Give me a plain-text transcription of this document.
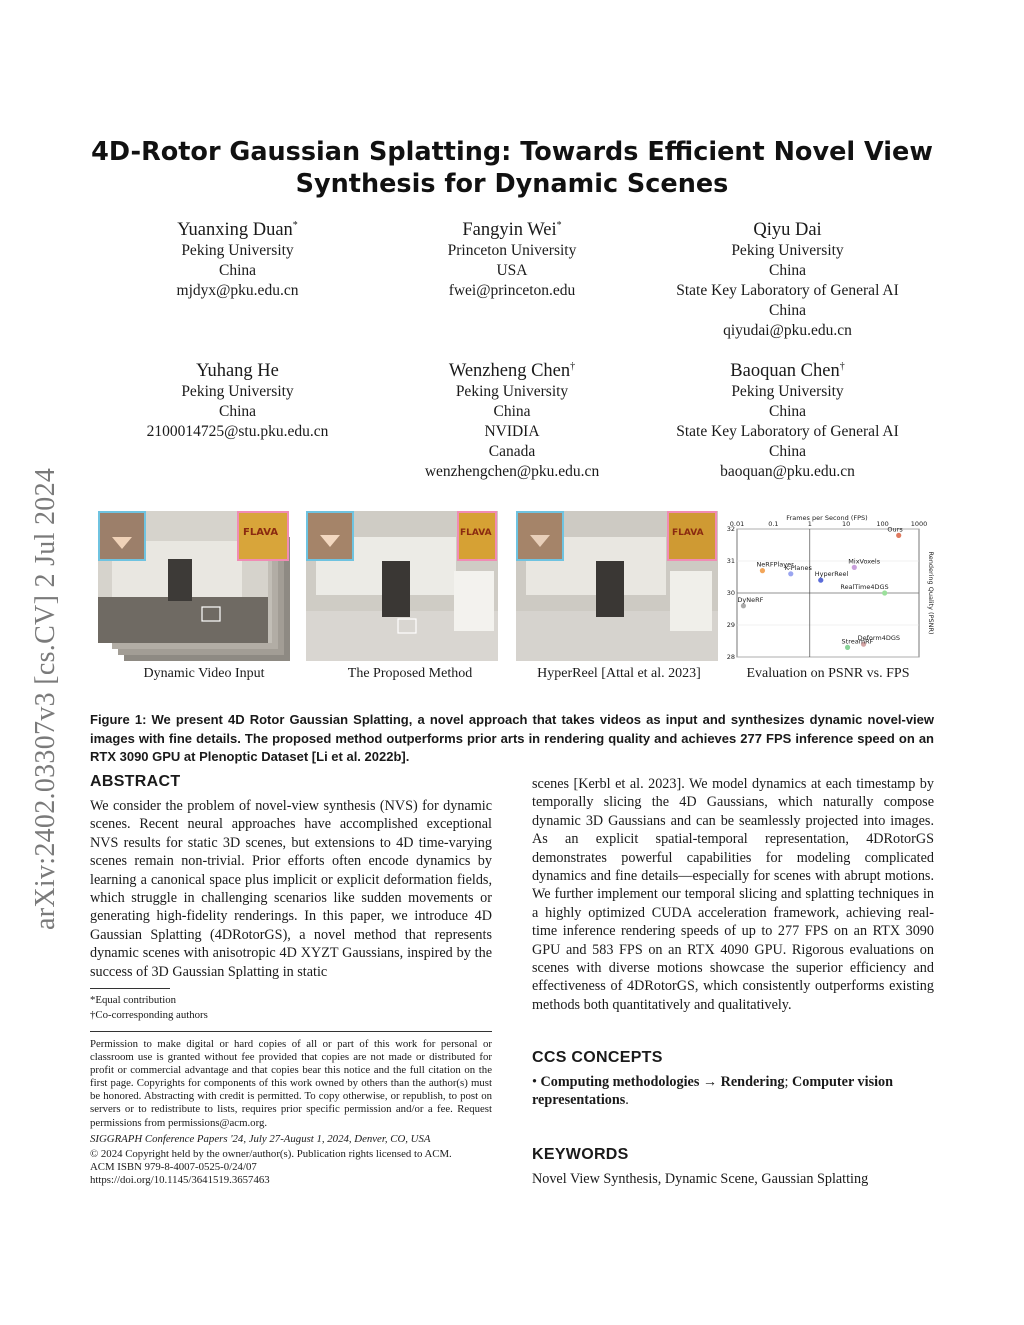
arXiv:2402.03307v3 [cs.CV] 2 Jul 2024
4D-Rotor Gaussian Splatting: Towards Efficient Novel View
Synthesis for Dynamic Scenes
Yuanxing Duan*
Peking University
China
mjdyx@pku.edu.cn
Fangyin Wei*
Princeton University
USA
fwei@princeton.edu
Qiyu Dai
Peking University
China
State Key Laboratory of General AI
China
qiyudai@pku.edu.cn
Yuhang He
Peking University
China
2100014725@stu.pku.edu.cn
Wenzheng Chen†
Peking University
China
NVIDIA
Canada
wenzhengchen@pku.edu.cn
Baoquan Chen†
Peking University
China
State Key Laboratory of General AI
China
baoquan@pku.edu.cn
FLAVA	FLAVA	FLAVA
Frames per Second (FPS)
Rendering Quality (PSNR)
0.01	0.1	1	10	100	1000
32
31
30
29
28
Ours
MixVoxels
NeRFPlayer
K-Planes
HyperReel
RealTime4DGS
DyNeRF
Deform4DGS
StreamRF
Dynamic Video Input	The Proposed Method	HyperReel [Attal et al. 2023]	Evaluation on PSNR vs. FPS
Figure 1: We present 4D Rotor Gaussian Splatting, a novel approach that takes videos as input and synthesizes dynamic novel-view images with fine details. The proposed method outperforms prior arts in rendering quality and achieves 277 FPS inference speed on an RTX 3090 GPU at Plenoptic Dataset [Li et al. 2022b].
ABSTRACT
We consider the problem of novel-view synthesis (NVS) for dynamic scenes. Recent neural approaches have accomplished exceptional NVS results for static 3D scenes, but extensions to 4D time-varying scenes remain non-trivial. Prior efforts often encode dynamics by learning a canonical space plus implicit or explicit deformation fields, which struggle in challenging scenarios like sudden movements or generating high-fidelity renderings. In this paper, we introduce 4D Gaussian Splatting (4DRotorGS), a novel method that represents dynamic scenes with anisotropic 4D XYZT Gaussians, inspired by the success of 3D Gaussian Splatting in static
scenes [Kerbl et al. 2023]. We model dynamics at each timestamp by temporally slicing the 4D Gaussians, which naturally compose dynamic 3D Gaussians and can be seamlessly projected into images. As an explicit spatial-temporal representation, 4DRotorGS demonstrates powerful capabilities for modeling complicated dynamics and fine details—especially for scenes with abrupt motions. We further implement our temporal slicing and splatting techniques in a highly optimized CUDA acceleration framework, achieving real-time inference rendering speeds of up to 277 FPS on an RTX 3090 GPU and 583 FPS on an RTX 4090 GPU. Rigorous evaluations on scenes with diverse motions showcase the superior efficiency and effectiveness of 4DRotorGS, which consistently outperforms existing methods both quantitatively and qualitatively.
*Equal contribution
†Co-corresponding authors
Permission to make digital or hard copies of all or part of this work for personal or classroom use is granted without fee provided that copies are not made or distributed for profit or commercial advantage and that copies bear this notice and the full citation on the first page. Copyrights for components of this work owned by others than the author(s) must be honored. Abstracting with credit is permitted. To copy otherwise, or republish, to post on servers or to redistribute to lists, requires prior specific permission and/or a fee. Request permissions from permissions@acm.org.
SIGGRAPH Conference Papers '24, July 27-August 1, 2024, Denver, CO, USA
© 2024 Copyright held by the owner/author(s). Publication rights licensed to ACM.
ACM ISBN 979-8-4007-0525-0/24/07
https://doi.org/10.1145/3641519.3657463
CCS CONCEPTS
• Computing methodologies → Rendering; Computer vision representations.
KEYWORDS
Novel View Synthesis, Dynamic Scene, Gaussian Splatting
